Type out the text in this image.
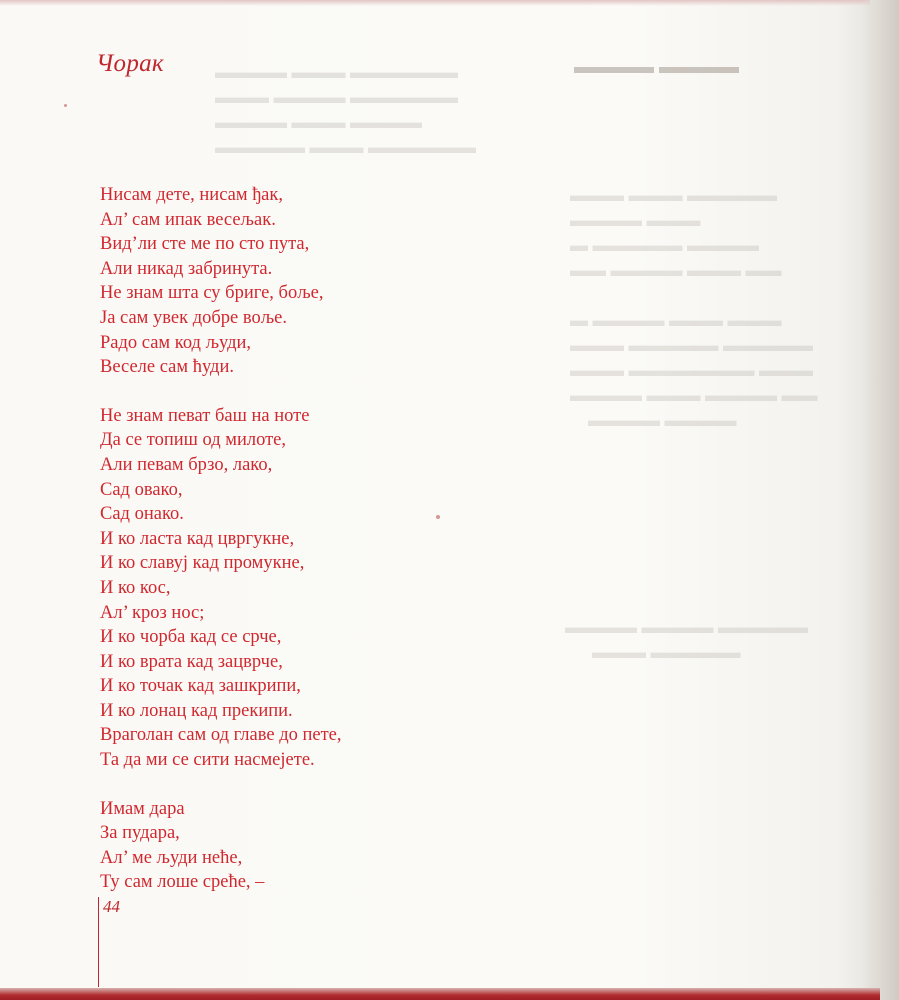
▬▬▬▬ ▬▬▬▬
▬▬▬▬ ▬▬▬ ▬▬▬▬▬▬
▬▬▬ ▬▬▬▬ ▬▬▬▬▬▬
▬▬▬▬ ▬▬▬ ▬▬▬▬
▬▬▬▬▬ ▬▬▬ ▬▬▬▬▬▬
▬▬▬ ▬▬▬ ▬▬▬▬▬
▬▬▬▬ ▬▬▬
▬ ▬▬▬▬▬ ▬▬▬▬
▬▬ ▬▬▬▬ ▬▬▬ ▬▬

▬ ▬▬▬▬ ▬▬▬ ▬▬▬
▬▬▬ ▬▬▬▬▬ ▬▬▬▬▬
▬▬▬ ▬▬▬▬▬▬▬ ▬▬▬
▬▬▬▬ ▬▬▬ ▬▬▬▬ ▬▬
▬▬▬▬ ▬▬▬▬
▬▬▬▬ ▬▬▬▬ ▬▬▬▬▬
▬▬▬ ▬▬▬▬▬
Чорак
Нисам дете, нисам ђак,
Ал’ сам ипак весељак.
Вид’ли сте ме по сто пута,
Али никад забринута.
Не знам шта су бриге, боље,
Ја сам увек добре воље.
Радо сам код људи,
Веселе сам ћуди.
Не знам певат баш на ноте
Да се топиш од милоте,
Али певам брзо, лако,
Сад овако,
Сад онако.
И ко ласта кад цвргукне,
И ко славуј кад промукне,
И ко кос,
Ал’ кроз нос;
И ко чорба кад се срче,
И ко врата кад зацврче,
И ко точак кад зашкрипи,
И ко лонац кад прекипи.
Враголан сам од главе до пете,
Та да ми се сити насмејете.
Имам дара
За пудара,
Ал’ ме људи неће,
Ту сам лоше среће, –
44
